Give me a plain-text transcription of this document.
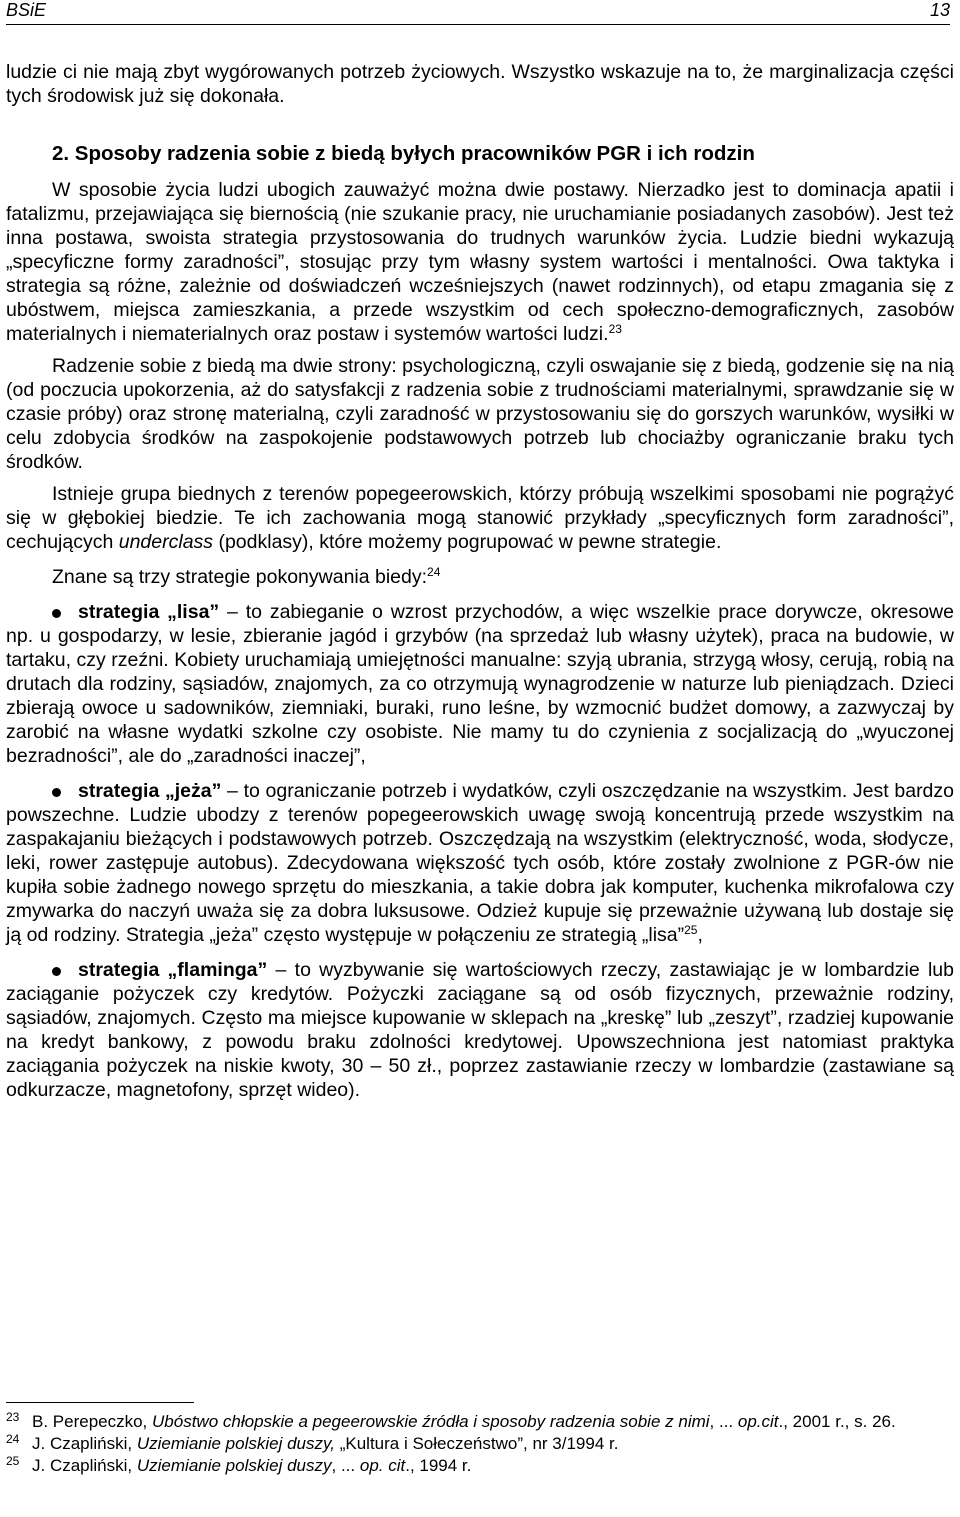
BSiE	13

ludzie ci nie mają zbyt wygórowanych potrzeb życiowych. Wszystko wskazuje na to, że marginalizacja części tych środowisk już się dokonała.

2. Sposoby radzenia sobie z biedą byłych pracowników PGR i ich rodzin

W sposobie życia ludzi ubogich zauważyć można dwie postawy. Nierzadko jest to dominacja apatii i fatalizmu, przejawiająca się biernością (nie szukanie pracy, nie uruchamianie posiadanych zasobów). Jest też inna postawa, swoista strategia przystosowania do trudnych warunków życia. Ludzie biedni wykazują „specyficzne formy zaradności”, stosując przy tym własny system wartości i mentalności. Owa taktyka i strategia są różne, zależnie od doświadczeń wcześniejszych (nawet rodzinnych), od etapu zmagania się z ubóstwem, miejsca zamieszkania, a przede wszystkim od cech społeczno-demograficznych, zasobów materialnych i niematerialnych oraz postaw i systemów wartości ludzi.$^{23}$

Radzenie sobie z biedą ma dwie strony: psychologiczną, czyli oswajanie się z biedą, godzenie się na nią (od poczucia upokorzenia, aż do satysfakcji z radzenia sobie z trudnościami materialnymi, sprawdzanie się w czasie próby) oraz stronę materialną, czyli zaradność w przystosowaniu się do gorszych warunków, wysiłki w celu zdobycia środków na zaspokojenie podstawowych potrzeb lub chociażby ograniczanie braku tych środków.

Istnieje grupa biednych z terenów popegeerowskich, którzy próbują wszelkimi sposobami nie pogrążyć się w głębokiej biedzie. Te ich zachowania mogą stanowić przykłady „specyficznych form zaradności”, cechujących underclass (podklasy), które możemy pogrupować w pewne strategie.

Znane są trzy strategie pokonywania biedy:$^{24}$

strategia „lisa” – to zabieganie o wzrost przychodów, a więc wszelkie prace dorywcze, okresowe np. u gospodarzy, w lesie, zbieranie jagód i grzybów (na sprzedaż lub własny użytek), praca na budowie, w tartaku, czy rzeźni. Kobiety uruchamiają umiejętności manualne: szyją ubrania, strzygą włosy, cerują, robią na drutach dla rodziny, sąsiadów, znajomych, za co otrzymują wynagrodzenie w naturze lub pieniądzach. Dzieci zbierają owoce u sadowników, ziemniaki, buraki, runo leśne, by wzmocnić budżet domowy, a zazwyczaj by zarobić na własne wydatki szkolne czy osobiste. Nie mamy tu do czynienia z socjalizacją do „wyuczonej bezradności”, ale do „zaradności inaczej”,

strategia „jeża” – to ograniczanie potrzeb i wydatków, czyli oszczędzanie na wszystkim. Jest bardzo powszechne. Ludzie ubodzy z terenów popegeerowskich uwagę swoją koncentrują przede wszystkim na zaspakajaniu bieżących i podstawowych potrzeb. Oszczędzają na wszystkim (elektryczność, woda, słodycze, leki, rower zastępuje autobus). Zdecydowana większość tych osób, które zostały zwolnione z PGR-ów nie kupiła sobie żadnego nowego sprzętu do mieszkania, a takie dobra jak komputer, kuchenka mikrofalowa czy zmywarka do naczyń uważa się za dobra luksusowe. Odzież kupuje się przeważnie używaną lub dostaje się ją od rodziny. Strategia „jeża” często występuje w połączeniu ze strategią „lisa”$^{25}$,

strategia „flaminga” – to wyzbywanie się wartościowych rzeczy, zastawiając je w lombardzie lub zaciąganie pożyczek czy kredytów. Pożyczki zaciągane są od osób fizycznych, przeważnie rodziny, sąsiadów, znajomych. Często ma miejsce kupowanie w sklepach na „kreskę” lub „zeszyt”, rzadziej kupowanie na kredyt bankowy, z powodu braku zdolności kredytowej. Upowszechniona jest natomiast praktyka zaciągania pożyczek na niskie kwoty, 30 – 50 zł., poprzez zastawianie rzeczy w lombardzie (zastawiane są odkurzacze, magnetofony, sprzęt wideo).

23 B. Perepeczko, Ubóstwo chłopskie a pegeerowskie źródła i sposoby radzenia sobie z nimi, ... op.cit., 2001 r., s. 26.
24 J. Czapliński, Uziemianie polskiej duszy, „Kultura i Sołeczeństwo”, nr 3/1994 r.
25 J. Czapliński, Uziemianie polskiej duszy, ... op. cit., 1994 r.
